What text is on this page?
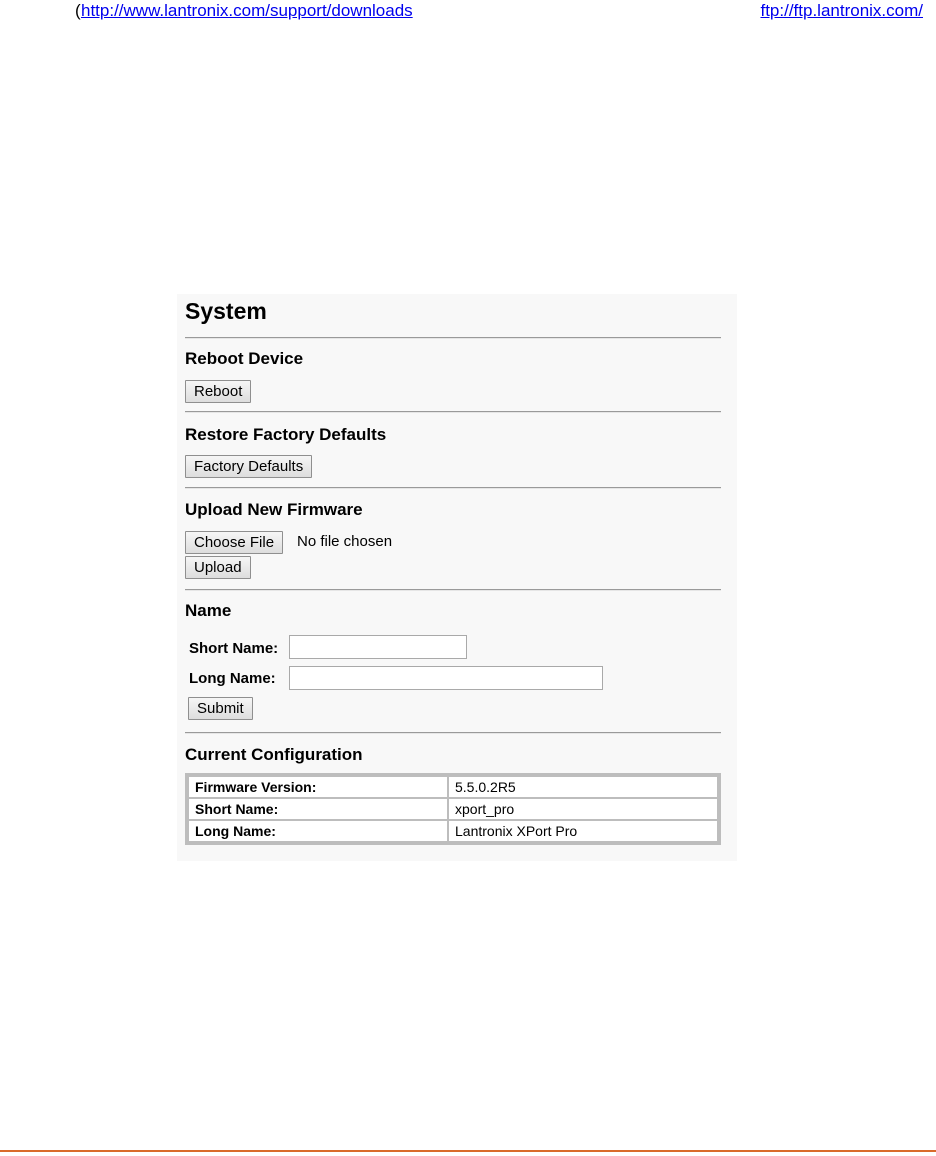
( http://www.lantronix.com/support/downloads	ftp://ftp.lantronix.com/
System
Reboot Device
Reboot
Restore Factory Defaults
Factory Defaults
Upload New Firmware
Choose File	No file chosen
Upload
Name
Short Name:
Long Name:
Submit
Current Configuration
Firmware Version:	5.5.0.2R5
Short Name:	xport_pro
Long Name:	Lantronix XPort Pro
